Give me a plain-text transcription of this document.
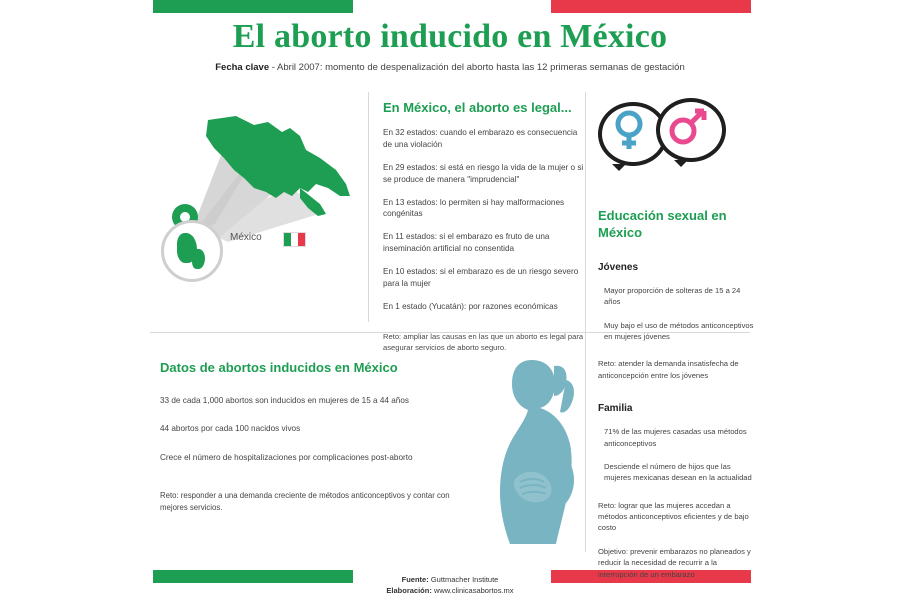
El aborto inducido en México
Fecha clave - Abril 2007: momento de despenalización del aborto hasta las 12 primeras semanas de gestación
México
En México, el aborto es legal...

En 32 estados: cuando el embarazo es consecuencia de una violación

En 29 estados: si está en riesgo la vida de la mujer o si se produce de manera "imprudencial"

En 13 estados: lo permiten si hay malformaciones congénitas

En 11 estados: si el embarazo es fruto de una inseminación artificial no consentida

En 10 estados: si el embarazo es de un riesgo severo para la mujer

En 1 estado (Yucatán): por razones económicas

Reto: ampliar las causas en las que un aborto es legal para asegurar servicios de aborto seguro.

Educación sexual en México
Jóvenes

Mayor proporción de solteras de 15 a 24 años

Muy bajo el uso de métodos anticonceptivos en mujeres jóvenes

Reto: atender la demanda insatisfecha de anticoncepción entre los jóvenes

Familia

71% de las mujeres casadas usa métodos anticonceptivos

Desciende el número de hijos que las mujeres mexicanas desean en la actualidad

Reto: lograr que las mujeres accedan a métodos anticonceptivos eficientes y de bajo costo

Objetivo: prevenir embarazos no planeados y reducir la necesidad de recurrir a la interrupción de un embarazo

Datos de abortos inducidos en México

33 de cada 1,000 abortos son inducidos en mujeres de 15 a 44 años

44 abortos por cada 100 nacidos vivos

Crece el número de hospitalizaciones por complicaciones post-aborto

Reto: responder a una demanda creciente de métodos anticonceptivos y contar con mejores servicios.

Fuente: Guttmacher Institute
Elaboración: www.clinicasabortos.mx
